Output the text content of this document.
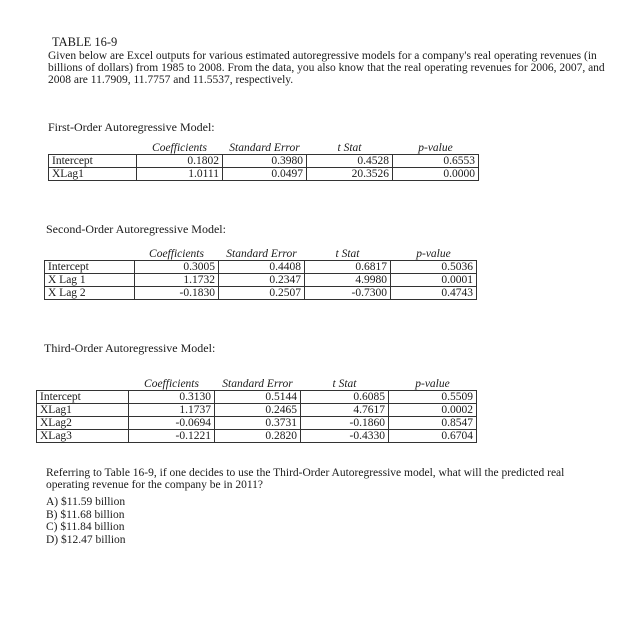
TABLE 16-9
Given below are Excel outputs for various estimated autoregressive models for a company's real operating revenues (in billions of dollars) from 1985 to 2008. From the data, you also know that the real operating revenues for 2006, 2007, and 2008 are 11.7909, 11.7757 and 11.5537, respectively.
First-Order Autoregressive Model:
	Coefficients	Standard Error	t Stat	p-value
Intercept	0.1802	0.3980	0.4528	0.6553
XLag1	1.0111	0.0497	20.3526	0.0000
Second-Order Autoregressive Model:
	Coefficients	Standard Error	t Stat	p-value
Intercept	0.3005	0.4408	0.6817	0.5036
X Lag 1	1.1732	0.2347	4.9980	0.0001
X Lag 2	-0.1830	0.2507	-0.7300	0.4743
Third-Order Autoregressive Model:
	Coefficients	Standard Error	t Stat	p-value
Intercept	0.3130	0.5144	0.6085	0.5509
XLag1	1.1737	0.2465	4.7617	0.0002
XLag2	-0.0694	0.3731	-0.1860	0.8547
XLag3	-0.1221	0.2820	-0.4330	0.6704
Referring to Table 16-9, if one decides to use the Third-Order Autoregressive model, what will the predicted real operating revenue for the company be in 2011?
A) $11.59 billion
B) $11.68 billion
C) $11.84 billion
D) $12.47 billion
